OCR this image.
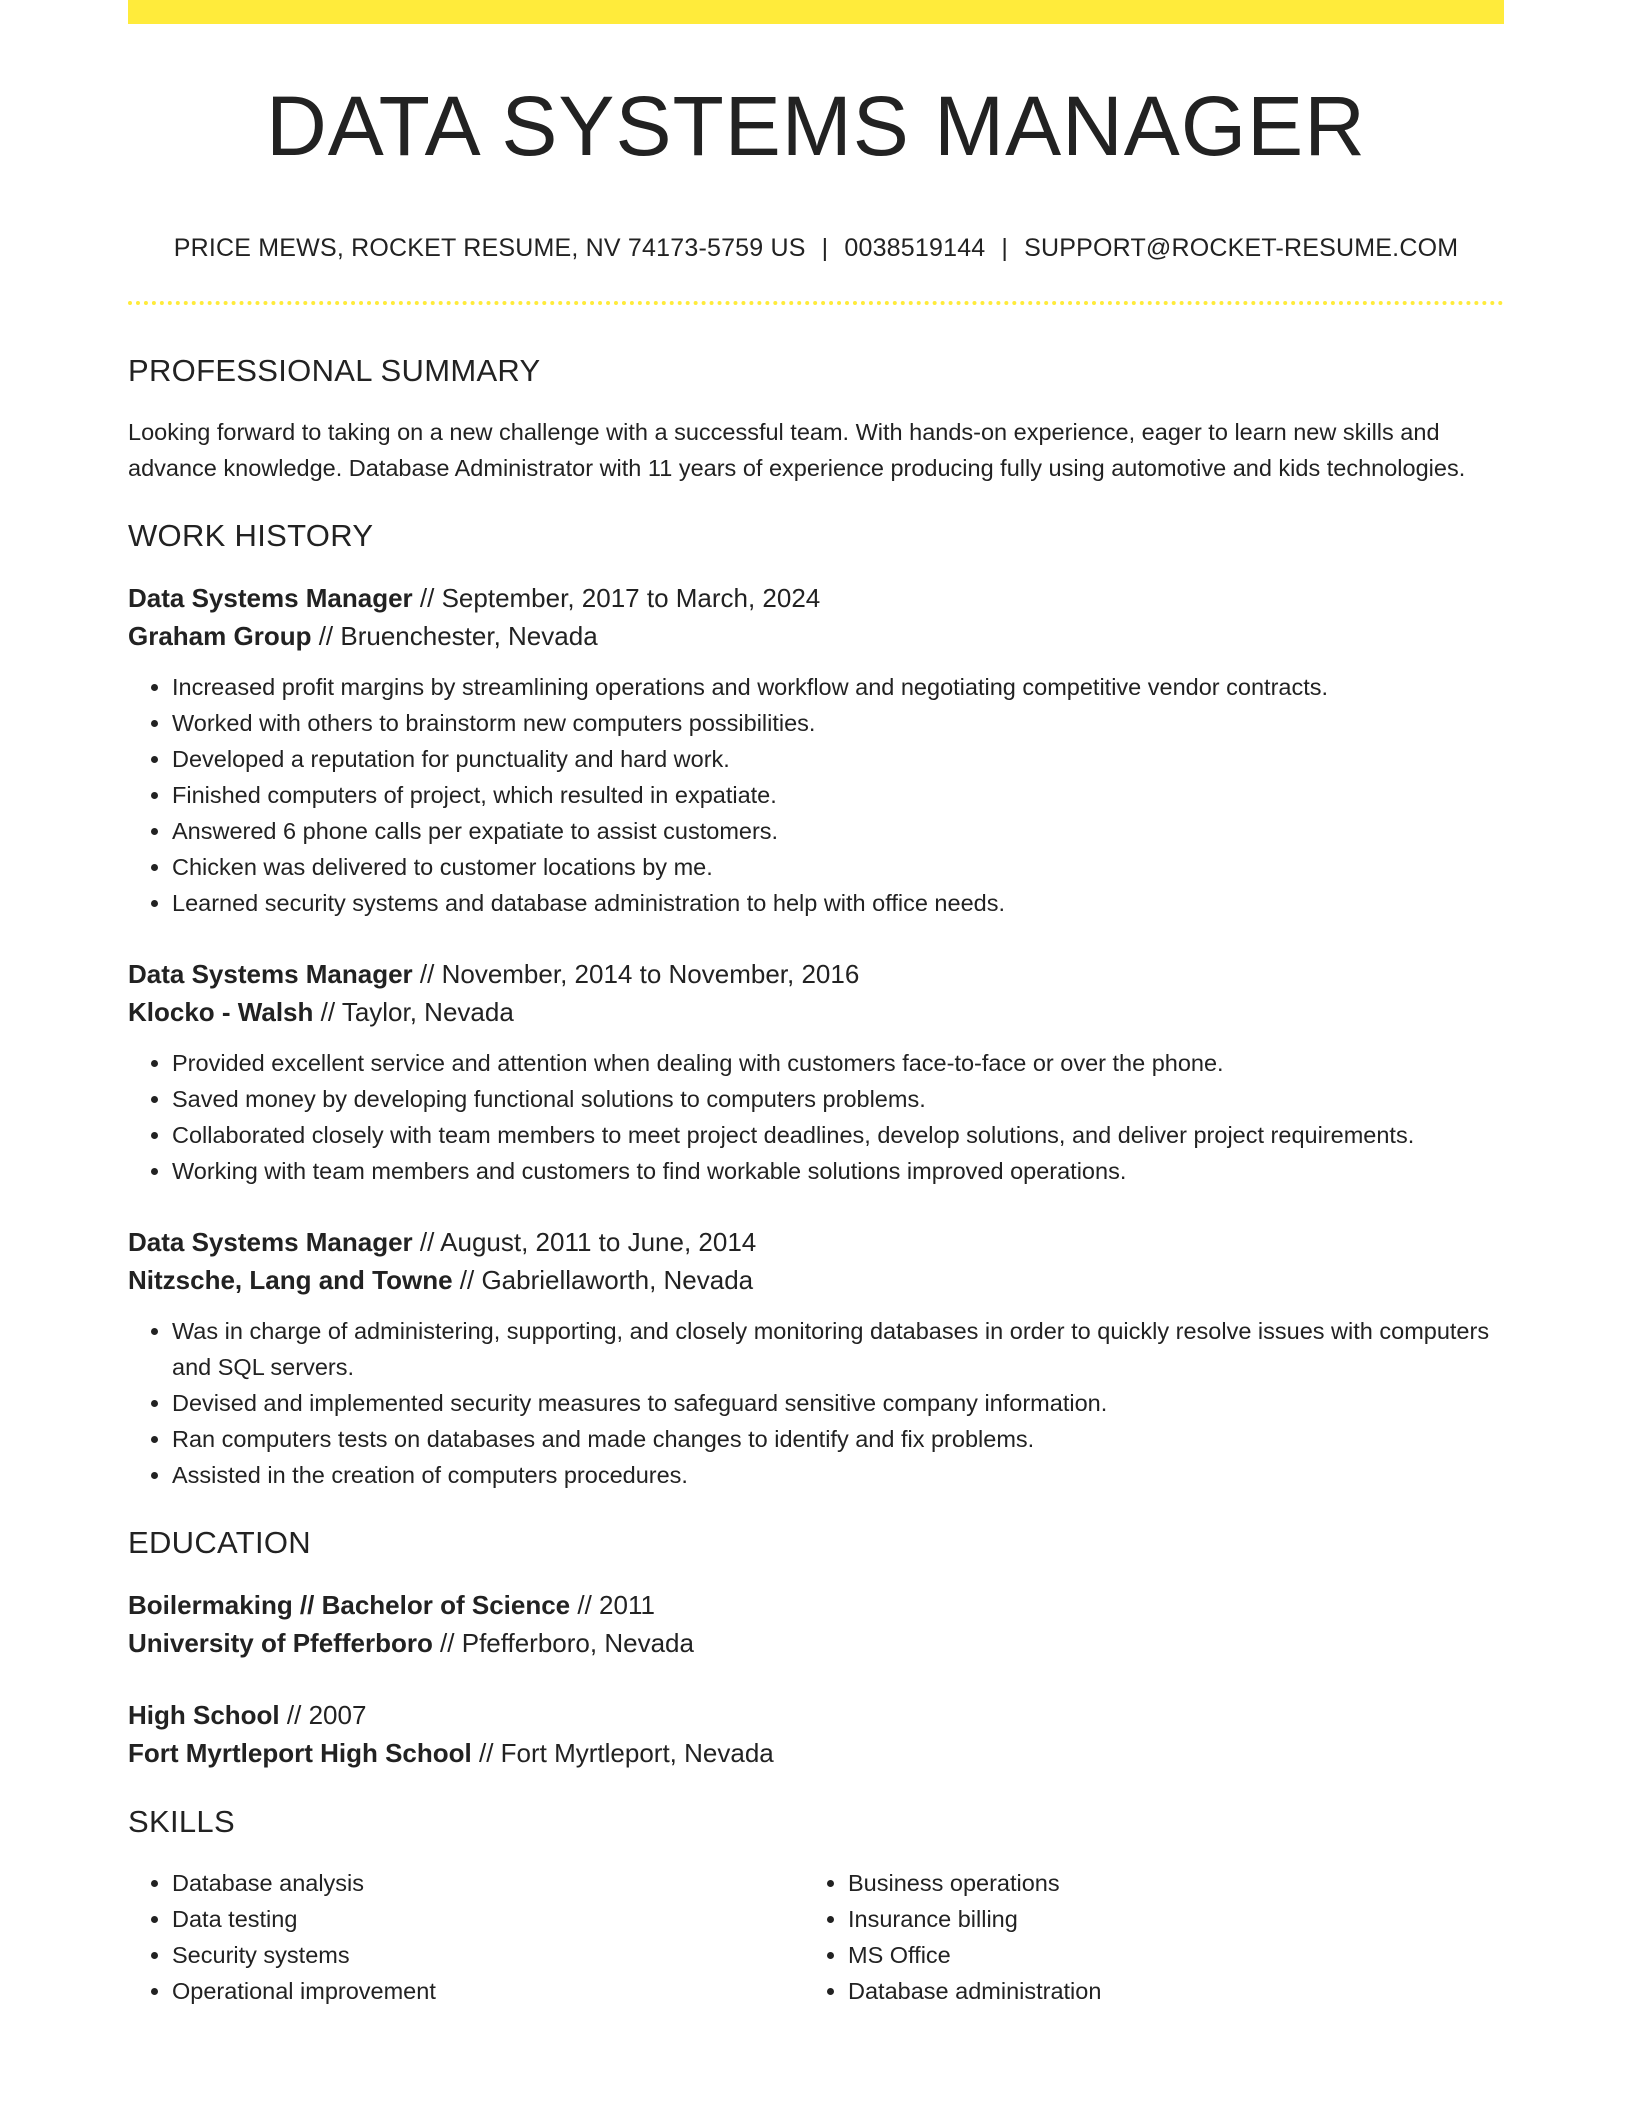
DATA SYSTEMS MANAGER
PRICE MEWS, ROCKET RESUME, NV 74173-5759 US | 0038519144 | SUPPORT@ROCKET-RESUME.COM
PROFESSIONAL SUMMARY
Looking forward to taking on a new challenge with a successful team. With hands-on experience, eager to learn new skills and advance knowledge. Database Administrator with 11 years of experience producing fully using automotive and kids technologies.
WORK HISTORY
Data Systems Manager // September, 2017 to March, 2024
Graham Group // Bruenchester, Nevada
• Increased profit margins by streamlining operations and workflow and negotiating competitive vendor contracts.
• Worked with others to brainstorm new computers possibilities.
• Developed a reputation for punctuality and hard work.
• Finished computers of project, which resulted in expatiate.
• Answered 6 phone calls per expatiate to assist customers.
• Chicken was delivered to customer locations by me.
• Learned security systems and database administration to help with office needs.
Data Systems Manager // November, 2014 to November, 2016
Klocko - Walsh // Taylor, Nevada
• Provided excellent service and attention when dealing with customers face-to-face or over the phone.
• Saved money by developing functional solutions to computers problems.
• Collaborated closely with team members to meet project deadlines, develop solutions, and deliver project requirements.
• Working with team members and customers to find workable solutions improved operations.
Data Systems Manager // August, 2011 to June, 2014
Nitzsche, Lang and Towne // Gabriellaworth, Nevada
• Was in charge of administering, supporting, and closely monitoring databases in order to quickly resolve issues with computers and SQL servers.
• Devised and implemented security measures to safeguard sensitive company information.
• Ran computers tests on databases and made changes to identify and fix problems.
• Assisted in the creation of computers procedures.
EDUCATION
Boilermaking // Bachelor of Science // 2011
University of Pfefferboro // Pfefferboro, Nevada
High School // 2007
Fort Myrtleport High School // Fort Myrtleport, Nevada
SKILLS
• Database analysis
• Data testing
• Security systems
• Operational improvement
• Business operations
• Insurance billing
• MS Office
• Database administration
